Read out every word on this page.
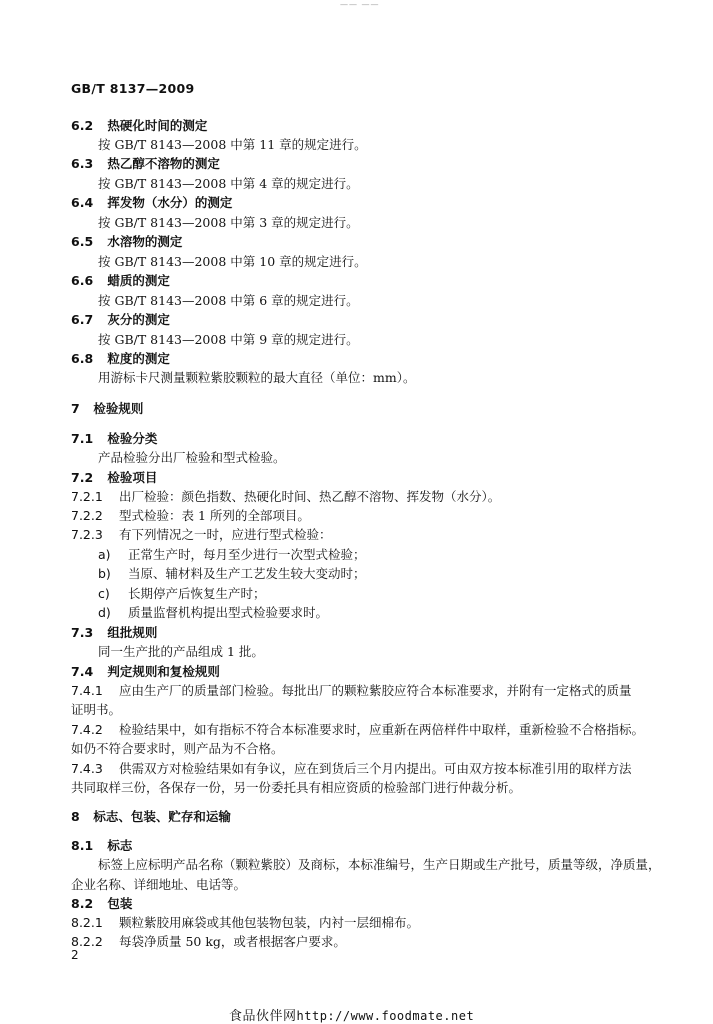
—— ——
GB/T 8137—2009
6.2 热硬化时间的测定
按 GB/T 8143—2008 中第 11 章的规定进行。
6.3 热乙醇不溶物的测定
按 GB/T 8143—2008 中第 4 章的规定进行。
6.4 挥发物（水分）的测定
按 GB/T 8143—2008 中第 3 章的规定进行。
6.5 水溶物的测定
按 GB/T 8143—2008 中第 10 章的规定进行。
6.6 蜡质的测定
按 GB/T 8143—2008 中第 6 章的规定进行。
6.7 灰分的测定
按 GB/T 8143—2008 中第 9 章的规定进行。
6.8 粒度的测定
用游标卡尺测量颗粒紫胶颗粒的最大直径（单位：mm）。
7 检验规则
7.1 检验分类
产品检验分出厂检验和型式检验。
7.2 检验项目
7.2.1 出厂检验：颜色指数、热硬化时间、热乙醇不溶物、挥发物（水分）。
7.2.2 型式检验：表 1 所列的全部项目。
7.2.3 有下列情况之一时，应进行型式检验：
a) 正常生产时，每月至少进行一次型式检验；
b) 当原、辅材料及生产工艺发生较大变动时；
c) 长期停产后恢复生产时；
d) 质量监督机构提出型式检验要求时。
7.3 组批规则
同一生产批的产品组成 1 批。
7.4 判定规则和复检规则
7.4.1 应由生产厂的质量部门检验。每批出厂的颗粒紫胶应符合本标准要求，并附有一定格式的质量
证明书。
7.4.2 检验结果中，如有指标不符合本标准要求时，应重新在两倍样件中取样，重新检验不合格指标。
如仍不符合要求时，则产品为不合格。
7.4.3 供需双方对检验结果如有争议，应在到货后三个月内提出。可由双方按本标准引用的取样方法
共同取样三份，各保存一份，另一份委托具有相应资质的检验部门进行仲裁分析。
8 标志、包装、贮存和运输
8.1 标志
标签上应标明产品名称（颗粒紫胶）及商标，本标准编号，生产日期或生产批号，质量等级，净质量，
企业名称、详细地址、电话等。
8.2 包装
8.2.1 颗粒紫胶用麻袋或其他包装物包装，内衬一层细棉布。
8.2.2 每袋净质量 50 kg，或者根据客户要求。
2
食品伙伴网http://www.foodmate.net
